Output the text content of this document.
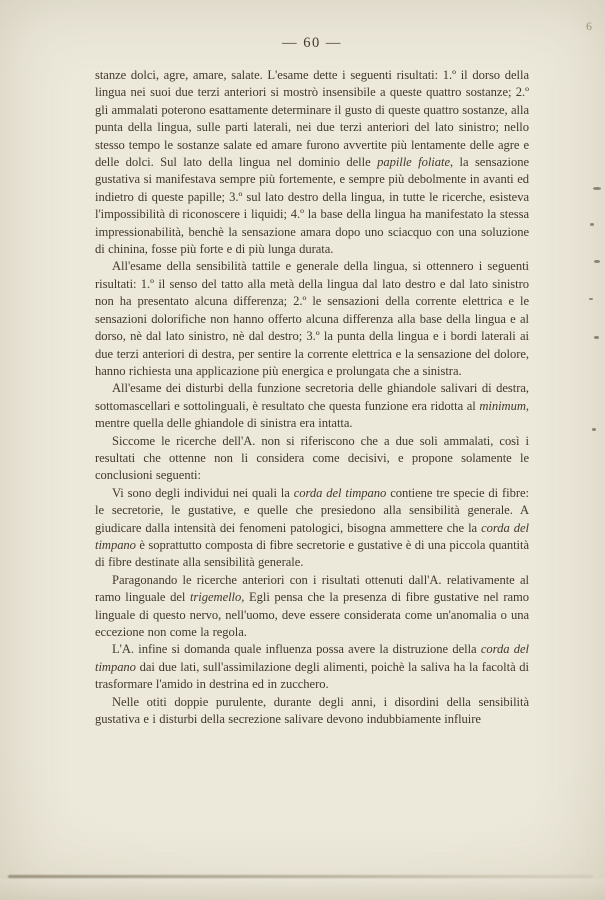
6
— 60 —

stanze dolci, agre, amare, salate. L'esame dette i seguenti risultati: 1.º il dorso della lingua nei suoi due terzi anteriori si mostrò insensibile a queste quattro sostanze; 2.º gli ammalati poterono esattamente determinare il gusto di queste quattro sostanze, alla punta della lingua, sulle parti laterali, nei due terzi anteriori del lato sinistro; nello stesso tempo le sostanze salate ed amare furono avvertite più lentamente delle agre e delle dolci. Sul lato della lingua nel dominio delle papille foliate, la sensazione gustativa si manifestava sempre più fortemente, e sempre più debolmente in avanti ed indietro di queste papille; 3.º sul lato destro della lingua, in tutte le ricerche, esisteva l'impossibilità di riconoscere i liquidi; 4.º la base della lingua ha manifestato la stessa impressionabilità, benchè la sensazione amara dopo uno sciacquo con una soluzione di chinina, fosse più forte e di più lunga durata.

All'esame della sensibilità tattile e generale della lingua, si ottennero i seguenti risultati: 1.º il senso del tatto alla metà della lingua dal lato destro e dal lato sinistro non ha presentato alcuna differenza; 2.º le sensazioni della corrente elettrica e le sensazioni dolorifiche non hanno offerto alcuna differenza alla base della lingua e al dorso, nè dal lato sinistro, nè dal destro; 3.º la punta della lingua e i bordi laterali ai due terzi anteriori di destra, per sentire la corrente elettrica e la sensazione del dolore, hanno richiesta una applicazione più energica e prolungata che a sinistra.

All'esame dei disturbi della funzione secretoria delle ghiandole salivari di destra, sottomascellari e sottolinguali, è resultato che questa funzione era ridotta al minimum, mentre quella delle ghiandole di sinistra era intatta.

Siccome le ricerche dell'A. non si riferiscono che a due soli ammalati, così i resultati che ottenne non li considera come decisivi, e propone solamente le conclusioni seguenti:

Vi sono degli individui nei quali la corda del timpano contiene tre specie di fibre: le secretorie, le gustative, e quelle che presiedono alla sensibilità generale. A giudicare dalla intensità dei fenomeni patologici, bisogna ammettere che la corda del timpano è soprattutto composta di fibre secretorie e gustative è di una piccola quantità di fibre destinate alla sensibilità generale.

Paragonando le ricerche anteriori con i risultati ottenuti dall'A. relativamente al ramo linguale del trigemello, Egli pensa che la presenza di fibre gustative nel ramo linguale di questo nervo, nell'uomo, deve essere considerata come un'anomalia o una eccezione non come la regola.

L'A. infine si domanda quale influenza possa avere la distruzione della corda del timpano dai due lati, sull'assimilazione degli alimenti, poichè la saliva ha la facoltà di trasformare l'amido in destrina ed in zucchero.

Nelle otiti doppie purulente, durante degli anni, i disordini della sensibilità gustativa e i disturbi della secrezione salivare devono indubbiamente influire
